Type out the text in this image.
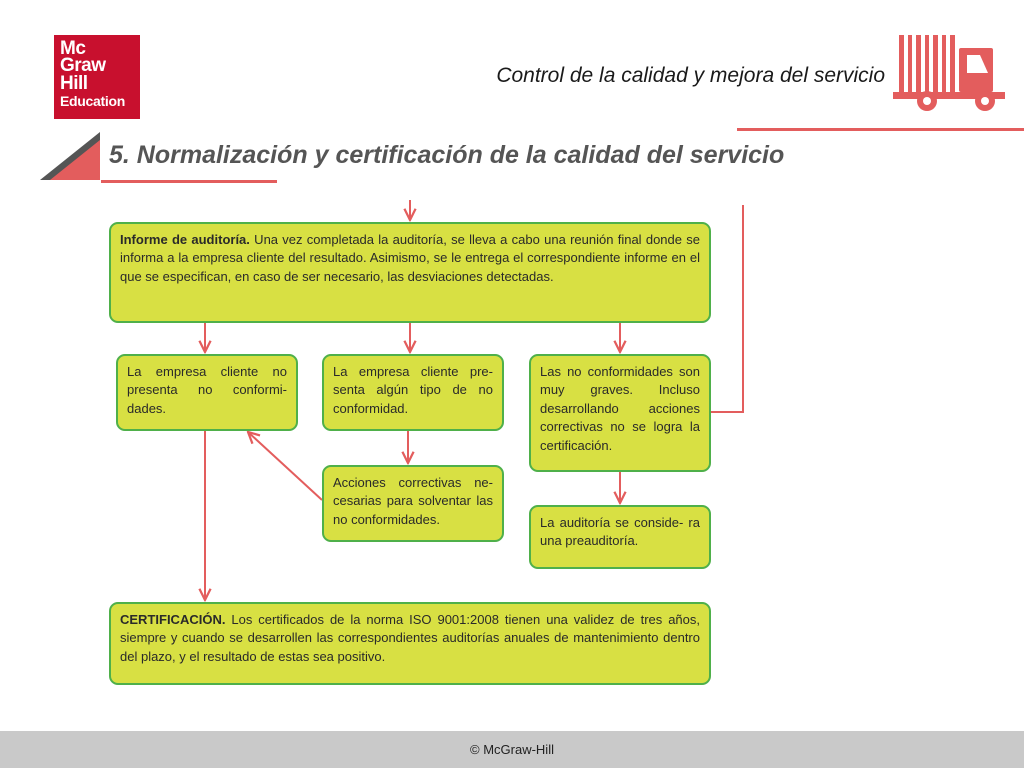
Mc
Graw
Hill
Education
Control de la calidad y mejora del servicio
5. Normalización y certificación de la calidad del servicio
Informe de auditoría. Una vez completada la auditoría, se lleva a cabo una reunión final donde se informa a la empresa cliente del resultado. Asimismo, se le entrega el correspondiente informe en el que se especifican, en caso de ser necesario, las desviaciones detectadas.
La empresa cliente no presenta no conformi- dades.
La empresa cliente pre- senta algún tipo de no conformidad.
Las no conformidades son muy graves. Incluso desarrollando acciones correctivas no se logra la certificación.
Acciones correctivas ne- cesarias para solventar las no conformidades.	La auditoría se conside- ra una preauditoría.
CERTIFICACIÓN. Los certificados de la norma ISO 9001:2008 tienen una validez de tres años, siempre y cuando se desarrollen las correspondientes auditorías anuales de mantenimiento dentro del plazo, y el resultado de estas sea positivo.
© McGraw-Hill
